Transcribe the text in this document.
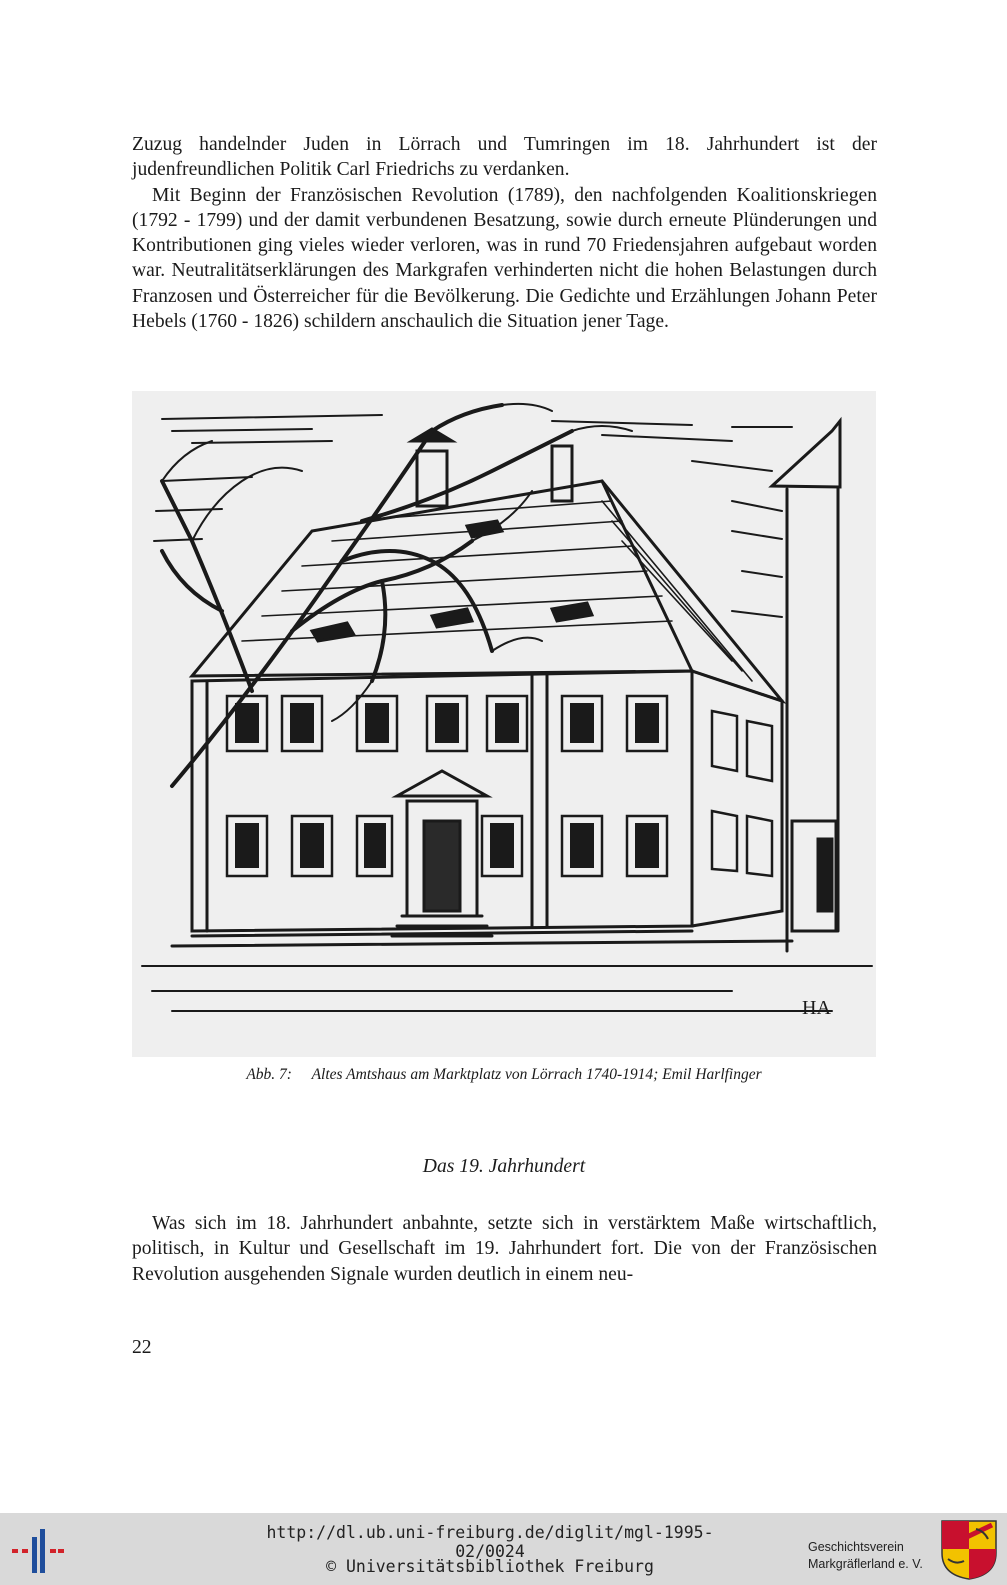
Zuzug handelnder Juden in Lörrach und Tumringen im 18. Jahrhundert ist der judenfreundlichen Politik Carl Friedrichs zu verdanken.

Mit Beginn der Französischen Revolution (1789), den nachfolgenden Koalitionskriegen (1792 - 1799) und der damit verbundenen Besatzung, sowie durch erneute Plünderungen und Kontributionen ging vieles wieder verloren, was in rund 70 Friedensjahren aufgebaut worden war. Neutralitätserklärungen des Markgrafen verhinderten nicht die hohen Belastungen durch Franzosen und Österreicher für die Bevölkerung. Die Gedichte und Erzählungen Johann Peter Hebels (1760 - 1826) schildern anschaulich die Situation jener Tage.

HA
Abb. 7: Altes Amtshaus am Marktplatz von Lörrach 1740-1914; Emil Harlfinger
Das 19. Jahrhundert

Was sich im 18. Jahrhundert anbahnte, setzte sich in verstärktem Maße wirtschaftlich, politisch, in Kultur und Gesellschaft im 19. Jahrhundert fort. Die von der Französischen Revolution ausgehenden Signale wurden deutlich in einem neu-

22
http://dl.ub.uni-freiburg.de/diglit/mgl-1995-02/0024
© Universitätsbibliothek Freiburg
Geschichtsverein
Markgräflerland e. V.
